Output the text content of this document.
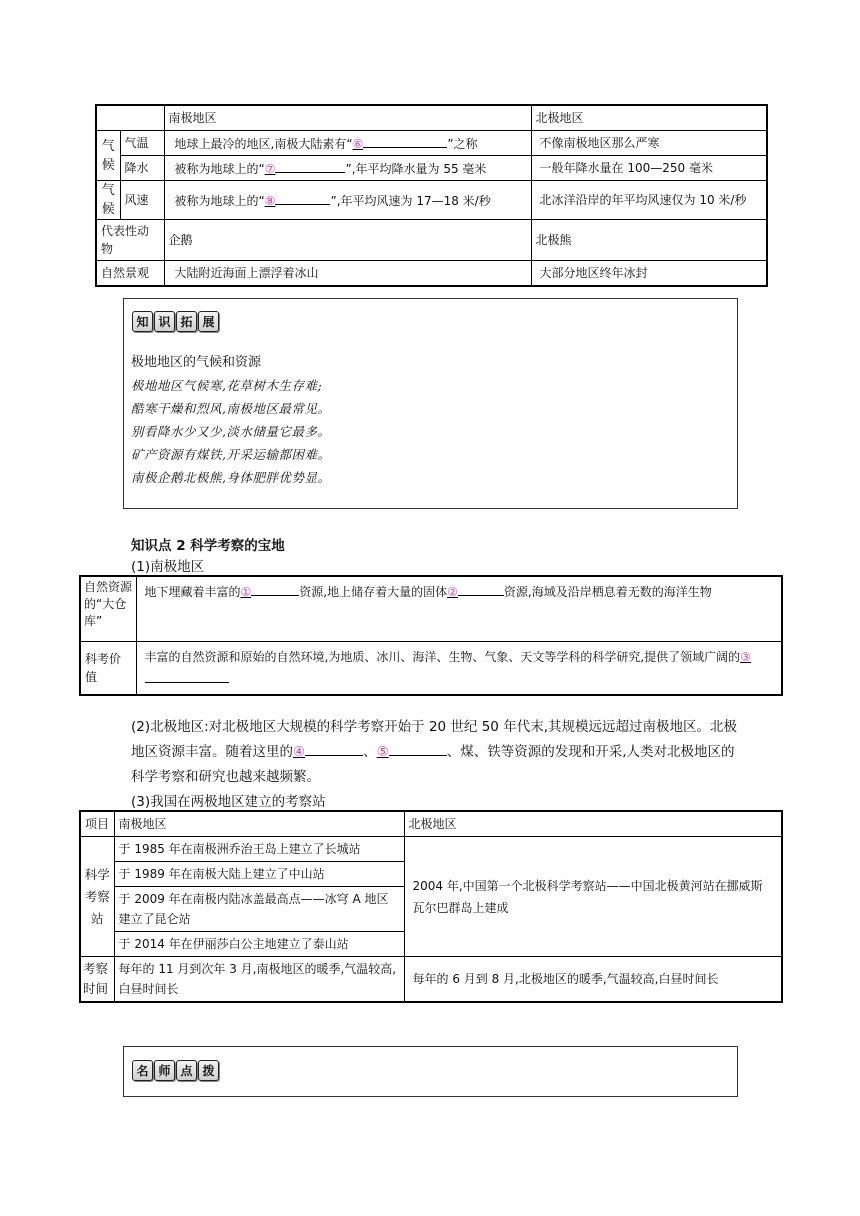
		南极地区	北极地区
气候	气温	地球上最冷的地区,南极大陆素有“⑥ ”之称	不像南极地区那么严寒
	降水	被称为地球上的“⑦ ”,年平均降水量为 55 毫米	一般年降水量在 100—250 毫米
气候	风速	被称为地球上的“⑧ ”,年平均风速为 17—18 米/秒	北冰洋沿岸的年平均风速仅为 10 米/秒
代表性动物		企鹅	北极熊
自然景观		大陆附近海面上漂浮着冰山	大部分地区终年冰封
知 识 拓 展
极地地区的气候和资源
极地地区气候寒,花草树木生存难;
酷寒干燥和烈风,南极地区最常见。
别看降水少又少,淡水储量它最多。
矿产资源有煤铁,开采运输都困难。
南极企鹅北极熊,身体肥胖优势显。
知识点 2 科学考察的宝地
(1)南极地区
自然资源的“大仓库”	地下埋藏着丰富的① 资源,地上储存着大量的固体② 资源,海域及沿岸栖息着无数的海洋生物
科考价值	丰富的自然资源和原始的自然环境,为地质、冰川、海洋、生物、气象、天文等学科的科学研究,提供了领域广阔的③
(2)北极地区:对北极地区大规模的科学考察开始于 20 世纪 50 年代末,其规模远远超过南极地区。北极地区资源丰富。随着这里的④	、⑤	、煤、铁等资源的发现和开采,人类对北极地区的科学考察和研究也越来越频繁。
(3)我国在两极地区建立的考察站
项目	南极地区	北极地区
科学考察站	于 1985 年在南极洲乔治王岛上建立了长城站	2004 年,中国第一个北极科学考察站——中国北极黄河站在挪威斯瓦尔巴群岛上建成
	于 1989 年在南极大陆上建立了中山站	
	于 2009 年在南极内陆冰盖最高点——冰穹 A 地区建立了昆仑站	
	于 2014 年在伊丽莎白公主地建立了泰山站	
考察时间	每年的 11 月到次年 3 月,南极地区的暖季,气温较高,白昼时间长	每年的 6 月到 8 月,北极地区的暖季,气温较高,白昼时间长
名 师 点 拨
